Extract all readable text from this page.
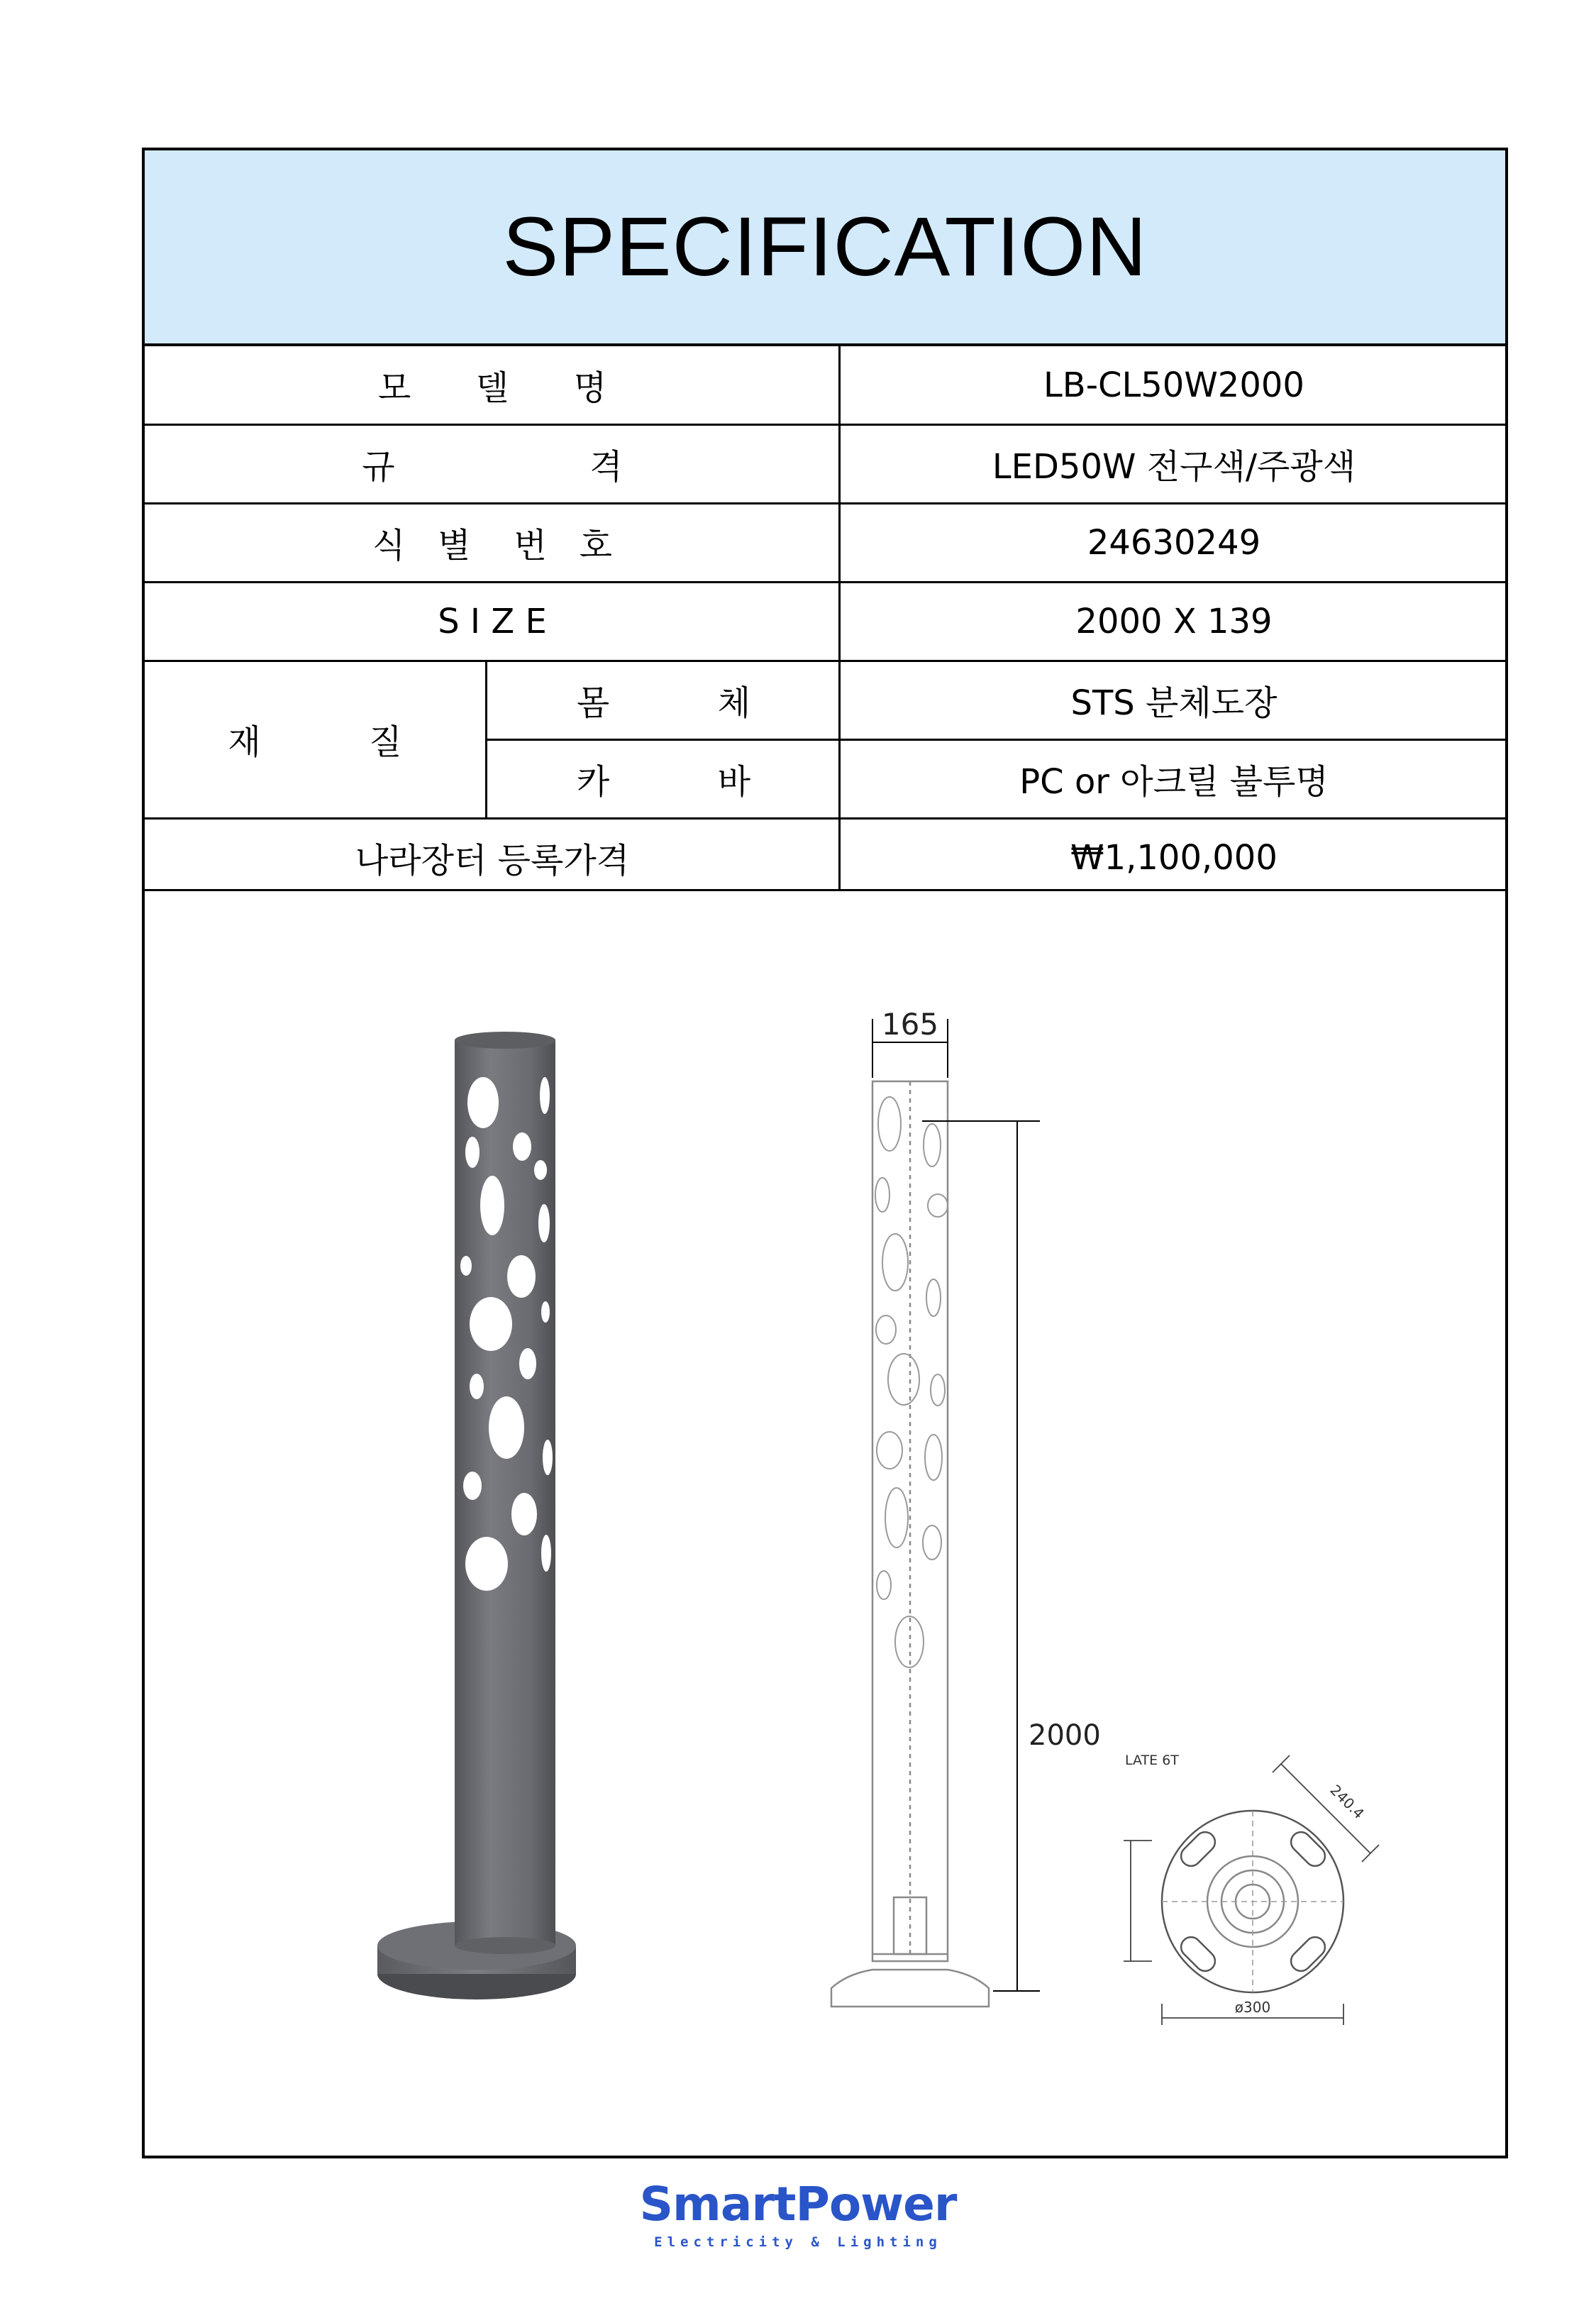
SPECIFICATION
모      델      명	LB-CL50W2000
규                  격	LED50W 전구색/주광색
식   별    번   호	24630249
S I Z E	2000 X 139
재          질
몸          체	STS 분체도장
카          바	PC or 아크릴 불투명
나라장터 등록가격	₩1,100,000
165
2000
LATE 6T
240.4
ø300
SmartPower
Electricity & Lighting
